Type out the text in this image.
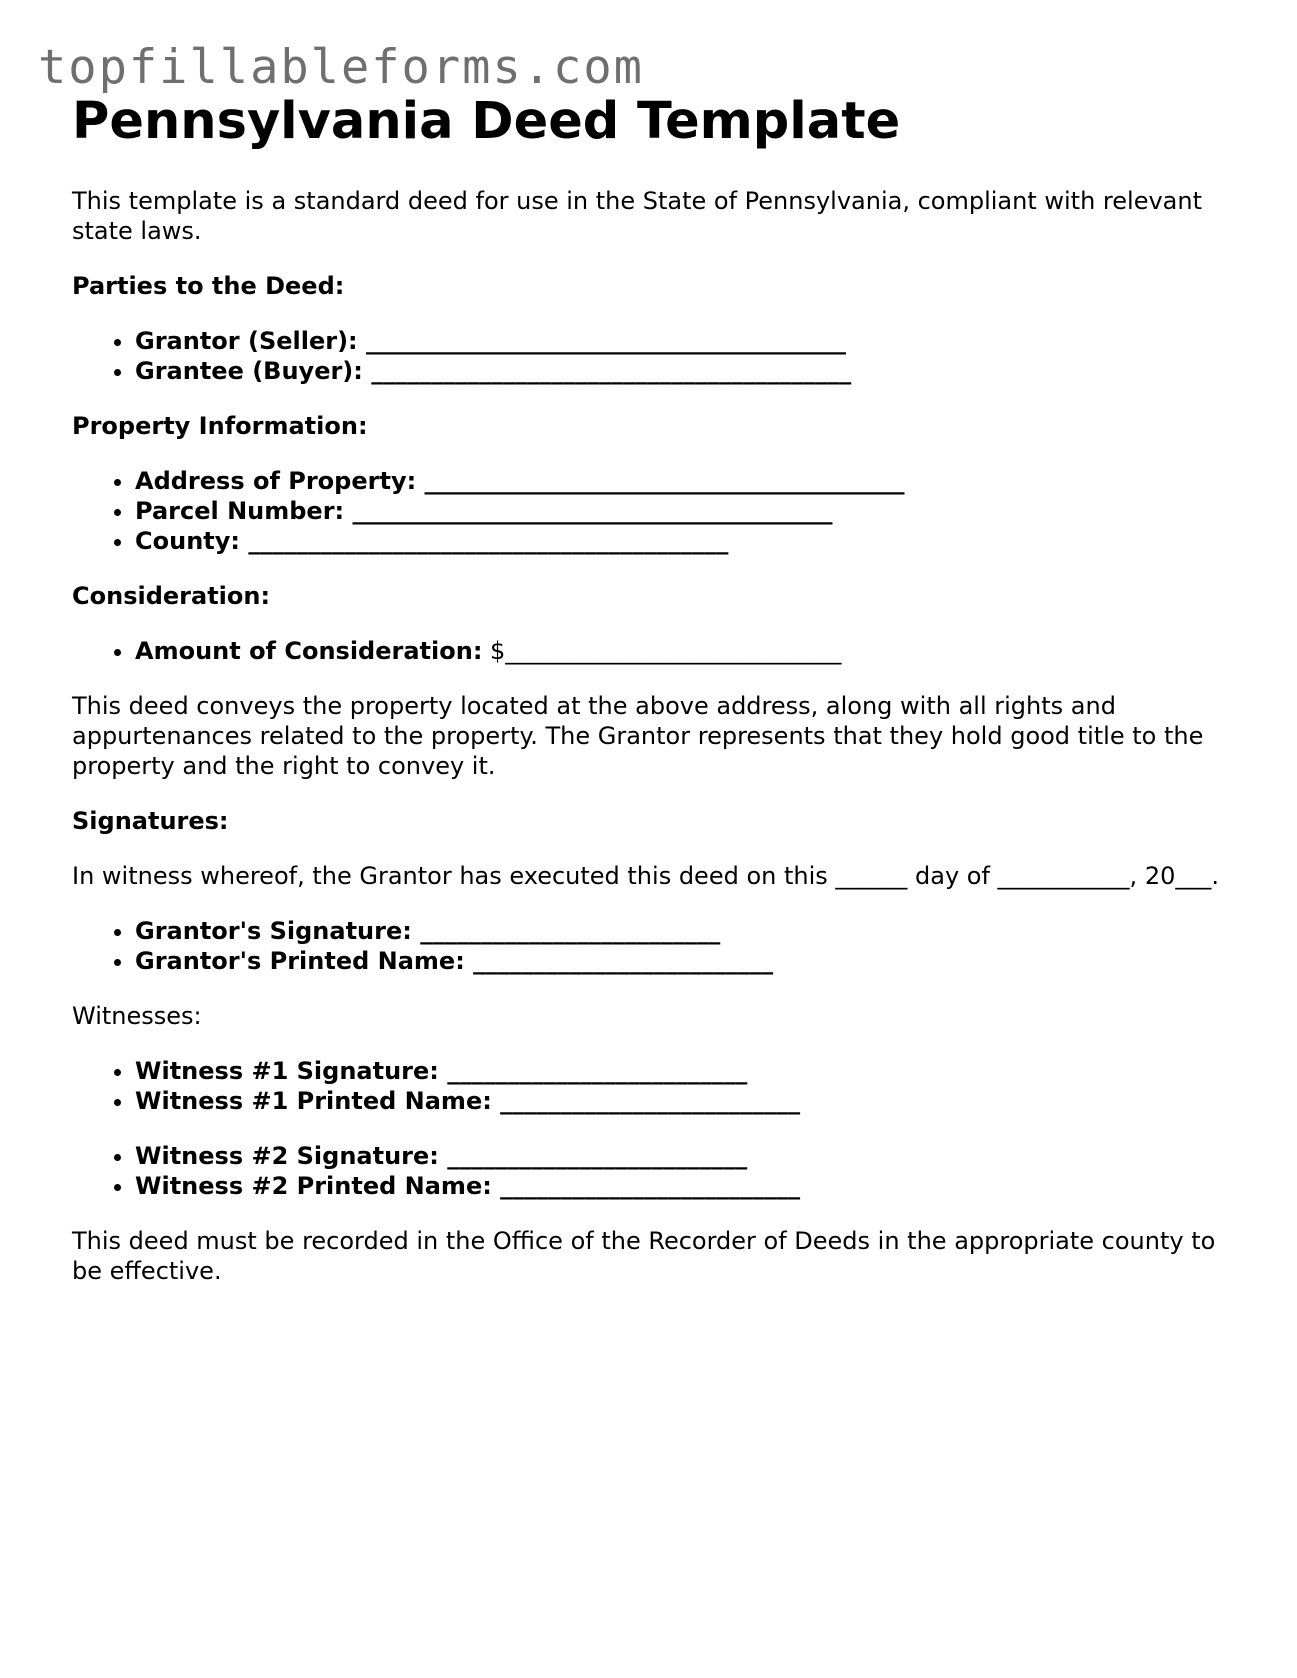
topfillableforms.com
Pennsylvania Deed Template

This template is a standard deed for use in the State of Pennsylvania, compliant with relevant state laws.

Parties to the Deed:

• Grantor (Seller): ________________________________________
• Grantee (Buyer): ________________________________________

Property Information:

• Address of Property: ________________________________________
• Parcel Number: ________________________________________
• County: ________________________________________

Consideration:

• Amount of Consideration: $____________________________

This deed conveys the property located at the above address, along with all rights and appurtenances related to the property. The Grantor represents that they hold good title to the property and the right to convey it.

Signatures:

In witness whereof, the Grantor has executed this deed on this ______ day of ___________, 20___.

• Grantor's Signature: _________________________
• Grantor's Printed Name: _________________________

Witnesses:

• Witness #1 Signature: _________________________
• Witness #1 Printed Name: _________________________
• Witness #2 Signature: _________________________
• Witness #2 Printed Name: _________________________

This deed must be recorded in the Office of the Recorder of Deeds in the appropriate county to be effective.
